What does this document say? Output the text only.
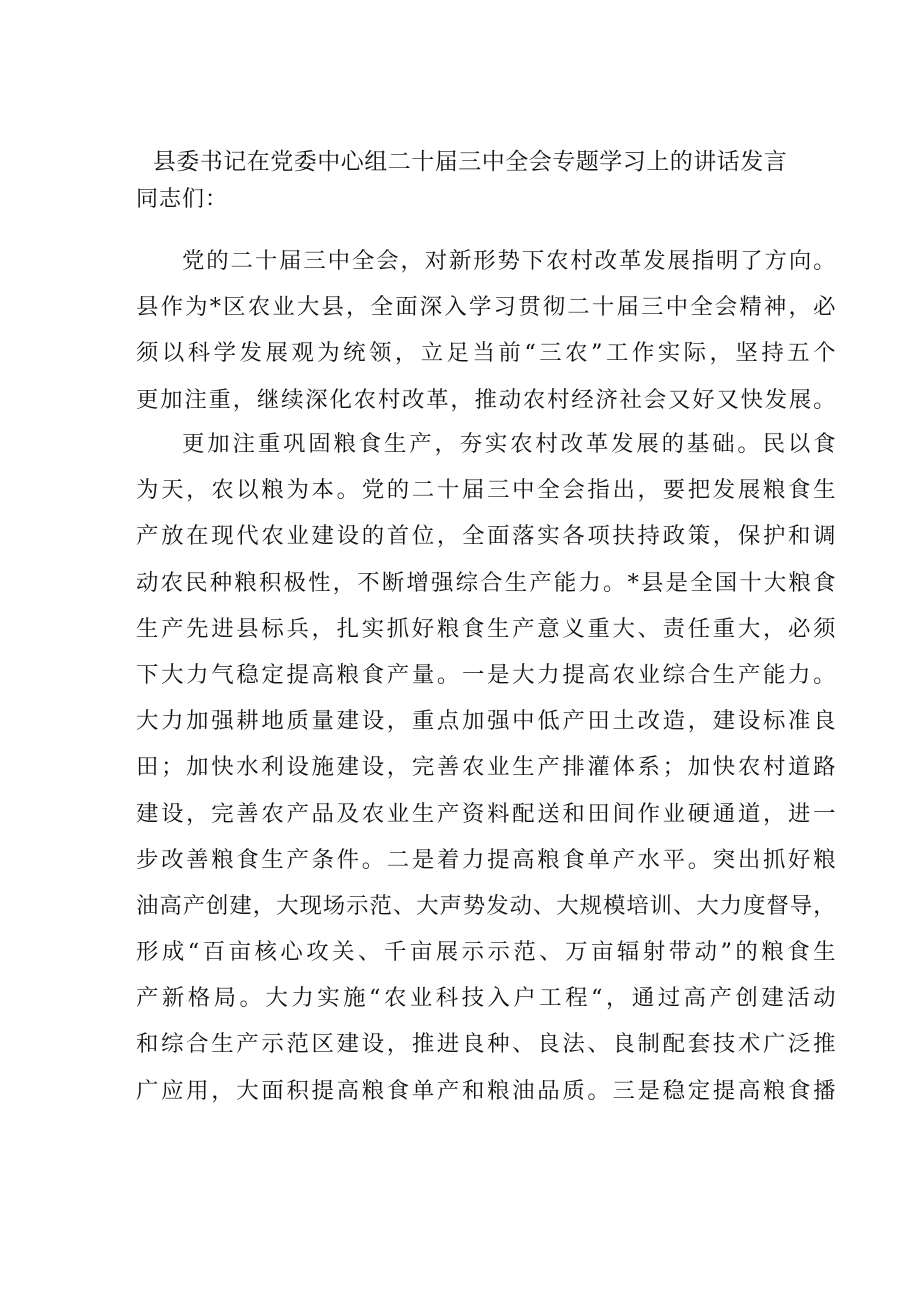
县委书记在党委中心组二十届三中全会专题学习上的讲话发言
同志们：
党的二十届三中全会，对新形势下农村改革发展指明了方向。
县作为*区农业大县，全面深入学习贯彻二十届三中全会精神，必
须以科学发展观为统领，立足当前“三农”工作实际，坚持五个
更加注重，继续深化农村改革，推动农村经济社会又好又快发展。
更加注重巩固粮食生产，夯实农村改革发展的基础。民以食
为天，农以粮为本。党的二十届三中全会指出，要把发展粮食生
产放在现代农业建设的首位，全面落实各项扶持政策，保护和调
动农民种粮积极性，不断增强综合生产能力。*县是全国十大粮食
生产先进县标兵，扎实抓好粮食生产意义重大、责任重大，必须
下大力气稳定提高粮食产量。一是大力提高农业综合生产能力。
大力加强耕地质量建设，重点加强中低产田土改造，建设标准良
田；加快水利设施建设，完善农业生产排灌体系；加快农村道路
建设，完善农产品及农业生产资料配送和田间作业硬通道，进一
步改善粮食生产条件。二是着力提高粮食单产水平。突出抓好粮
油高产创建，大现场示范、大声势发动、大规模培训、大力度督导，
形成“百亩核心攻关、千亩展示示范、万亩辐射带动”的粮食生
产新格局。大力实施“农业科技入户工程“，通过高产创建活动
和综合生产示范区建设，推进良种、良法、良制配套技术广泛推
广应用，大面积提高粮食单产和粮油品质。三是稳定提高粮食播
